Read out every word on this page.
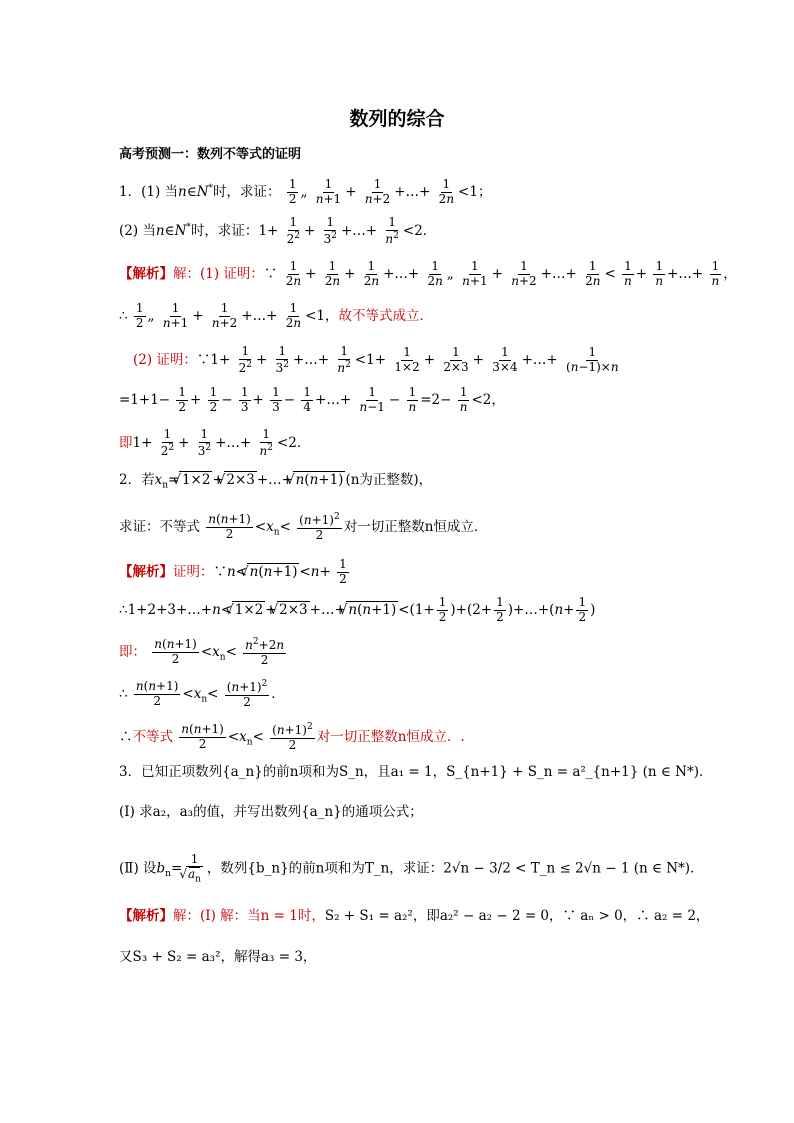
数列的综合
高考预测一：数列不等式的证明
1．(1) 当n∈N*时，求证： $\frac{1}{2}$ „ $\frac{1}{n+1} + \frac{1}{n+2}$ +…+ $\frac{1}{2n} <1$；
(2) 当n∈N*时，求证：$1+ \frac{1}{2^2} + \frac{1}{3^2}$ +…+ $\frac{1}{n^2} <2$．
【解析】解：(1) 证明：∵ $\frac{1}{2n} + \frac{1}{2n} + \frac{1}{2n}$ +…+ $\frac{1}{2n}$ „ $\frac{1}{n+1} + \frac{1}{n+2}$ +…+ $\frac{1}{2n} < \frac{1}{n} + \frac{1}{n}$ +…+ $\frac{1}{n}$ ，
∴ $\frac{1}{2}$ „ $\frac{1}{n+1} + \frac{1}{n+2}$ +…+ $\frac{1}{2n} <1$，故不等式成立．
(2) 证明：∵1+ $\frac{1}{2^2} + \frac{1}{3^2}$ +…+ $\frac{1}{n^2} <1+ \frac{1}{1\times 2} + \frac{1}{2\times 3} + \frac{1}{3\times 4}$ +…+ $\frac{1}{(n-1)\times n}$
$=1+1- \frac{1}{2} + \frac{1}{2} - \frac{1}{3} + \frac{1}{3} - \frac{1}{4}$ +…+ $\frac{1}{n-1} - \frac{1}{n} =2- \frac{1}{n} <2$，
即$1+ \frac{1}{2^2} + \frac{1}{3^2}$ +…+ $\frac{1}{n^2} <2$．
2．若$x_n=√$ 1×2 +√ 2×3 +…+√ n(n+1) (n为正整数)，
求证：不等式 $\frac{n(n+1)}{2} <x_n< \frac{(n+1)^2}{2}$ 对一切正整数n恒成立．
【解析】证明：∵n<√ $n(n+1) <n+ \frac{1}{2}$
∴1+2+3+…+n<√ 1×2 +√ 2×3 +…+√ $n(n+1) <(1+ \frac{1}{2} )+(2+ \frac{1}{2}$ )+…+(n+ $\frac{1}{2}$ )
即： $\frac{n(n+1)}{2} <x_n< \frac{n^2+2n}{2}$
∴ $\frac{n(n+1)}{2} <x_n< \frac{(n+1)^2}{2}$ ．
∴不等式 $\frac{n(n+1)}{2} <x_n< \frac{(n+1)^2}{2}$ 对一切正整数n恒成立．.
3．已知正项数列{a_n}的前n项和为S_n，且a₁ = 1，S_{n+1} + S_n = a²_{n+1} (n ∈ N*)．
(Ⅰ) 求a₂，a₃的值，并写出数列{a_n}的通项公式；
(Ⅱ) 设$b_n= 1$
√ $a_n$ ，数列{b_n}的前n项和为T_n，求证：2√n − 3/2 < T_n ≤ 2√n − 1 (n ∈ N*)．
【解析】解：(Ⅰ) 解：当n = 1时，S₂ + S₁ = a₂²，即a₂² − a₂ − 2 = 0，∵ aₙ > 0，∴ a₂ = 2，
又S₃ + S₂ = a₃²，解得a₃ = 3，
